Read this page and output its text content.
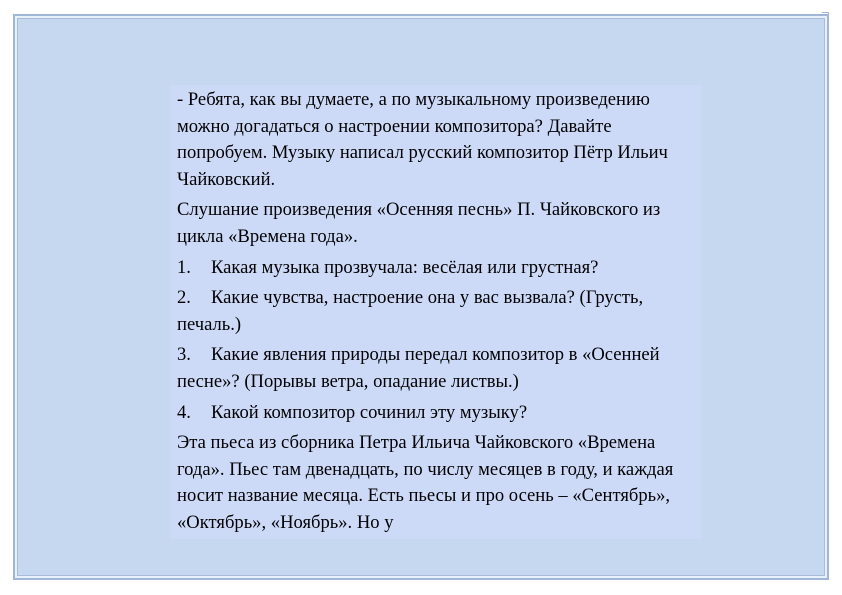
- Ребята, как вы думаете, а по музыкальному произведению можно догадаться о настроении композитора? Давайте попробуем. Музыку написал русский композитор Пётр Ильич Чайковский.

Слушание произведения «Осенняя песнь» П. Чайковского из цикла «Времена года».

1. Какая музыка прозвучала: весёлая или грустная?
2. Какие чувства, настроение она у вас вызвала? (Грусть, печаль.)
3. Какие явления природы передал композитор в «Осенней песне»? (Порывы ветра, опадание листвы.)
4. Какой композитор сочинил эту музыку?

Эта пьеса из сборника Петра Ильича Чайковского «Времена года». Пьес там двенадцать, по числу месяцев в году, и каждая носит название месяца. Есть пьесы и про осень – «Сентябрь», «Октябрь», «Ноябрь». Но у
